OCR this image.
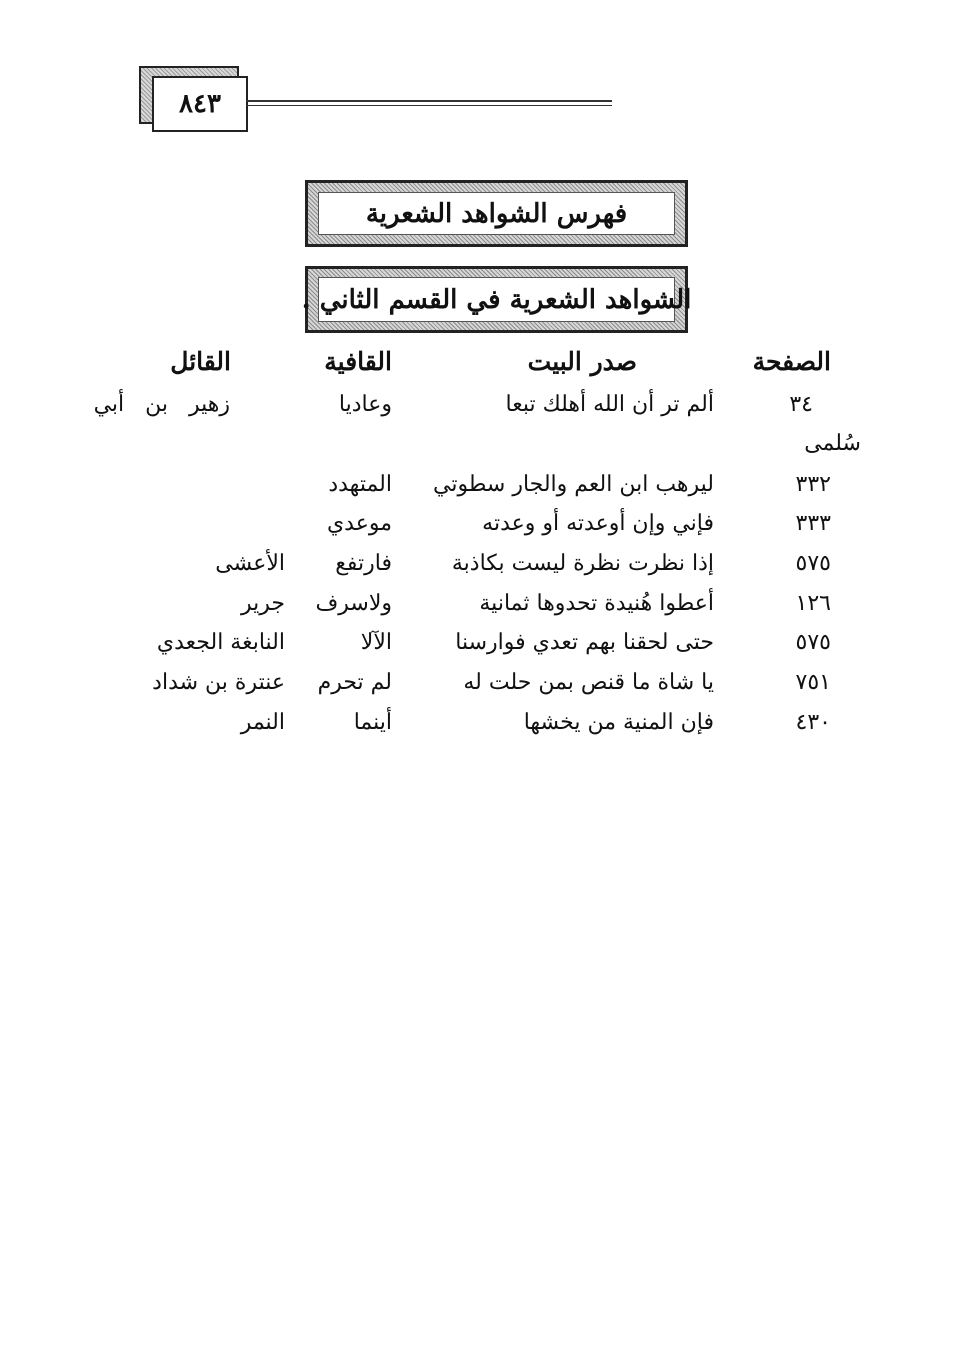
٨٤٣
فهرس الشواهد الشعرية
الشواهد الشعرية في القسم الثاني .
الصفحة
صدر البيت
القافية
القائل
٣٤
ألم تر أن الله أهلك تبعا
وعاديا
زهير بن أبي
سُلمى
٣٣٢
ليرهب ابن العم والجار سطوتي
المتهدد
٣٣٣
فإني وإن أوعدته أو وعدته
موعدي
٥٧٥
إذا نظرت نظرة ليست بكاذبة
فارتفع
الأعشى
١٢٦
أعطوا هُنيدة تحدوها ثمانية
ولاسرف
جرير
٥٧٥
حتى لحقنا بهم تعدي فوارسنا
الآلا
النابغة الجعدي
٧٥١
يا شاة ما قنص بمن حلت له
لم تحرم
عنترة بن شداد
٤٣٠
فإن المنية من يخشها
أينما
النمر
